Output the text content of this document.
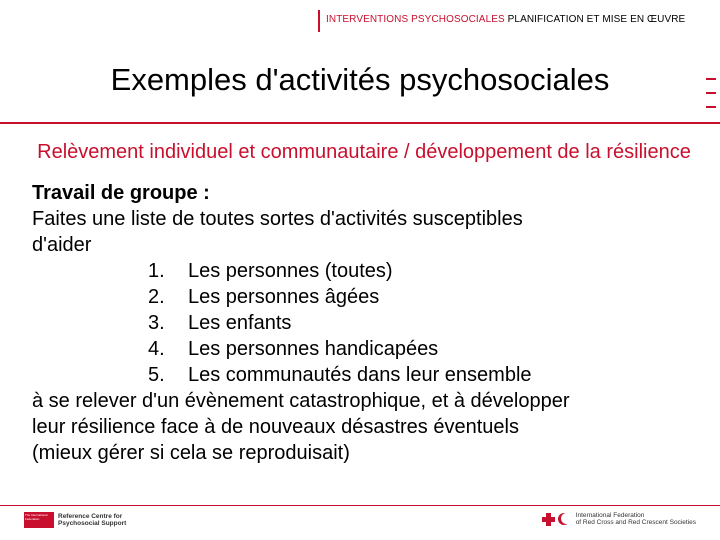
INTERVENTIONS PSYCHOSOCIALES PLANIFICATION ET MISE EN ŒUVRE
Exemples d'activités psychosociales
Relèvement individuel et communautaire / développement de la résilience
Travail de groupe :
Faites une liste de toutes sortes d'activités susceptibles
d'aider
1. Les personnes (toutes)
2. Les personnes âgées
3. Les enfants
4. Les personnes handicapées
5. Les communautés dans leur ensemble
à se relever d'un évènement catastrophique, et à développer
leur résilience face à de nouveaux désastres éventuels
(mieux gérer si cela se reproduisait)
The International Federation	Reference Centre for
Psychosocial Support
International Federation
of Red Cross and Red Crescent Societies
